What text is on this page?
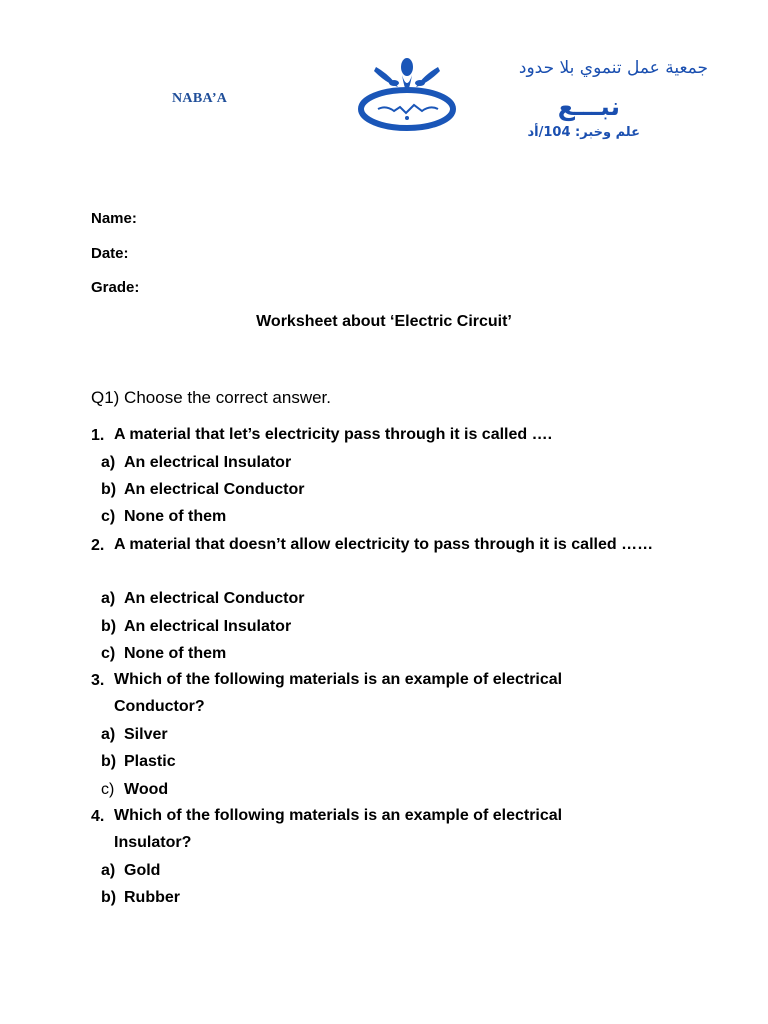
NABA’A
جمعية عمل تنموي بلا حدود
نبـــع
علم وخبر: 104/أد
Name:
Date:
Grade:
Worksheet about ‘Electric Circuit’
Q1) Choose the correct answer.
1. A material that let’s electricity pass through it is called ….
a) An electrical Insulator
b) An electrical Conductor
c) None of them
2. A material that doesn’t allow electricity to pass through it is called ……
a) An electrical Conductor
b) An electrical Insulator
c) None of them
3. Which of the following materials is an example of electrical Conductor?
a) Silver
b) Plastic
c) Wood
4. Which of the following materials is an example of electrical Insulator?
a) Gold
b) Rubber
